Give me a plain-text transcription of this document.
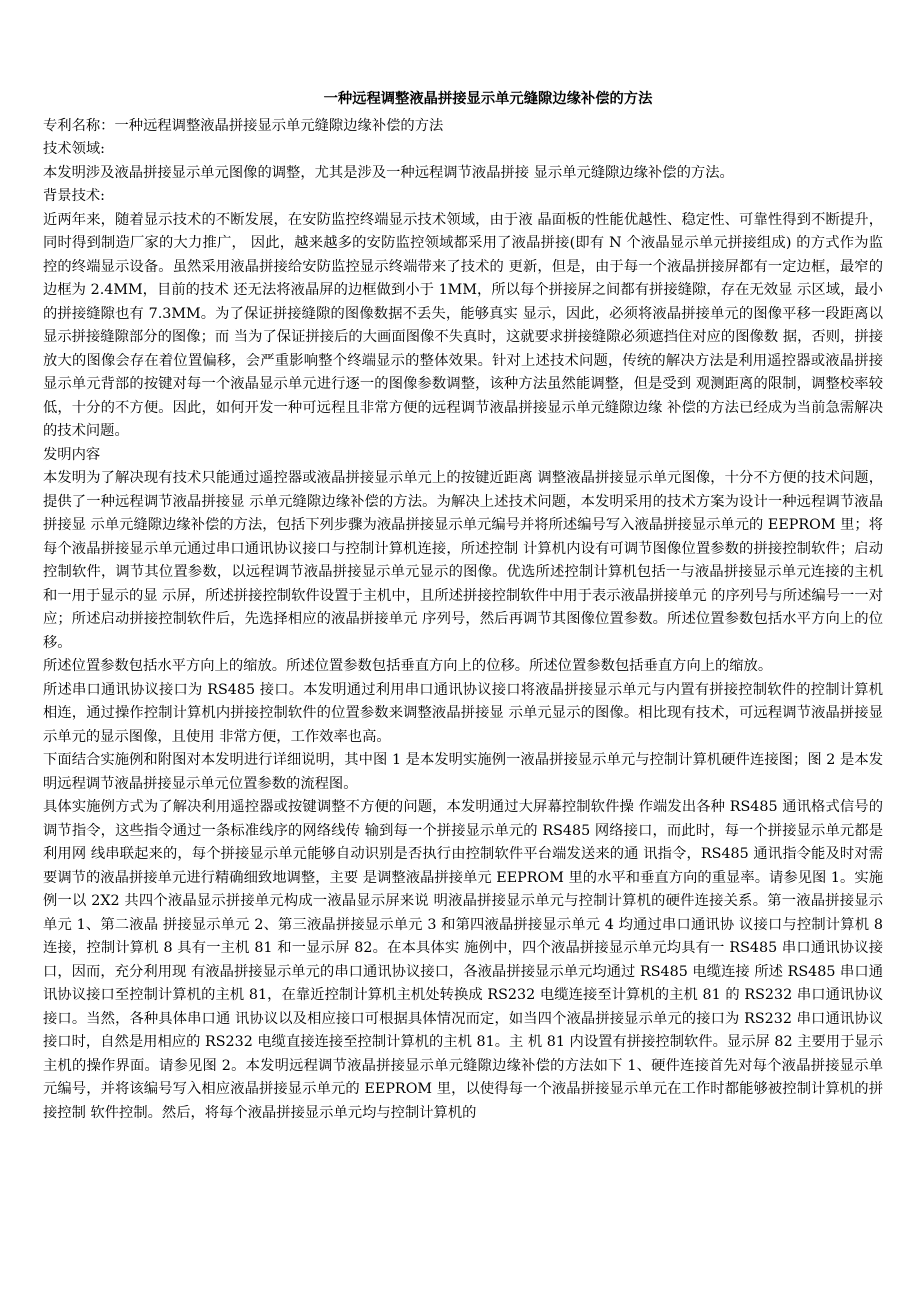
一种远程调整液晶拼接显示单元缝隙边缘补偿的方法

专利名称：一种远程调整液晶拼接显示单元缝隙边缘补偿的方法

技术领域:

本发明涉及液晶拼接显示单元图像的调整，尤其是涉及一种远程调节液晶拼接 显示单元缝隙边缘补偿的方法。

背景技术:

近两年来，随着显示技术的不断发展，在安防监控终端显示技术领域，由于液 晶面板的性能优越性、稳定性、可靠性得到不断提升，同时得到制造厂家的大力推广， 因此，越来越多的安防监控领域都采用了液晶拼接(即有 N 个液晶显示单元拼接组成) 的方式作为监控的终端显示设备。虽然采用液晶拼接给安防监控显示终端带来了技术的 更新，但是，由于每一个液晶拼接屏都有一定边框，最窄的边框为 2.4MM，目前的技术 还无法将液晶屏的边框做到小于 1MM，所以每个拼接屏之间都有拼接缝隙，存在无效显 示区域，最小的拼接缝隙也有 7.3MM。为了保证拼接缝隙的图像数据不丢失，能够真实 显示，因此，必须将液晶拼接单元的图像平移一段距离以显示拼接缝隙部分的图像；而 当为了保证拼接后的大画面图像不失真时，这就要求拼接缝隙必须遮挡住对应的图像数 据，否则，拼接放大的图像会存在着位置偏移，会严重影响整个终端显示的整体效果。针对上述技术问题，传统的解决方法是利用遥控器或液晶拼接显示单元背部的按键对每一个液晶显示单元进行逐一的图像参数调整，该种方法虽然能调整，但是受到 观测距离的限制，调整校率较低，十分的不方便。因此，如何开发一种可远程且非常方便的远程调节液晶拼接显示单元缝隙边缘 补偿的方法已经成为当前急需解决的技术问题。

发明内容

本发明为了解决现有技术只能通过遥控器或液晶拼接显示单元上的按键近距离 调整液晶拼接显示单元图像，十分不方便的技术问题，提供了一种远程调节液晶拼接显 示单元缝隙边缘补偿的方法。为解决上述技术问题，本发明采用的技术方案为设计一种远程调节液晶拼接显 示单元缝隙边缘补偿的方法，包括下列步骤为液晶拼接显示单元编号并将所述编号写入液晶拼接显示单元的 EEPROM 里；将每个液晶拼接显示单元通过串口通讯协议接口与控制计算机连接，所述控制 计算机内设有可调节图像位置参数的拼接控制软件；启动控制软件，调节其位置参数，以远程调节液晶拼接显示单元显示的图像。优选所述控制计算机包括一与液晶拼接显示单元连接的主机和一用于显示的显 示屏，所述拼接控制软件设置于主机中，且所述拼接控制软件中用于表示液晶拼接单元 的序列号与所述编号一一对应；所述启动拼接控制软件后，先选择相应的液晶拼接单元 序列号，然后再调节其图像位置参数。所述位置参数包括水平方向上的位移。

所述位置参数包括水平方向上的缩放。所述位置参数包括垂直方向上的位移。所述位置参数包括垂直方向上的缩放。

所述串口通讯协议接口为 RS485 接口。本发明通过利用串口通讯协议接口将液晶拼接显示单元与内置有拼接控制软件的控制计算机相连，通过操作控制计算机内拼接控制软件的位置参数来调整液晶拼接显 示单元显示的图像。相比现有技术，可远程调节液晶拼接显示单元的显示图像，且使用 非常方便，工作效率也高。

下面结合实施例和附图对本发明进行详细说明，其中图 1 是本发明实施例一液晶拼接显示单元与控制计算机硬件连接图；图 2 是本发明远程调节液晶拼接显示单元位置参数的流程图。

具体实施例方式为了解决利用遥控器或按键调整不方便的问题，本发明通过大屏幕控制软件操 作端发出各种 RS485 通讯格式信号的调节指令，这些指令通过一条标准线序的网络线传 输到每一个拼接显示单元的 RS485 网络接口，而此时，每一个拼接显示单元都是利用网 线串联起来的，每个拼接显示单元能够自动识别是否执行由控制软件平台端发送来的通 讯指令，RS485 通讯指令能及时对需要调节的液晶拼接单元进行精确细致地调整，主要 是调整液晶拼接单元 EEPROM 里的水平和垂直方向的重显率。请参见图 1。实施例一以 2X2 共四个液晶显示拼接单元构成一液晶显示屏来说 明液晶拼接显示单元与控制计算机的硬件连接关系。第一液晶拼接显示单元 1、第二液晶 拼接显示单元 2、第三液晶拼接显示单元 3 和第四液晶拼接显示单元 4 均通过串口通讯协 议接口与控制计算机 8 连接，控制计算机 8 具有一主机 81 和一显示屏 82。在本具体实 施例中，四个液晶拼接显示单元均具有一 RS485 串口通讯协议接口，因而，充分利用现 有液晶拼接显示单元的串口通讯协议接口，各液晶拼接显示单元均通过 RS485 电缆连接 所述 RS485 串口通讯协议接口至控制计算机的主机 81，在靠近控制计算机主机处转换成 RS232 电缆连接至计算机的主机 81 的 RS232 串口通讯协议接口。当然，各种具体串口通 讯协议以及相应接口可根据具体情况而定，如当四个液晶拼接显示单元的接口为 RS232 串口通讯协议接口时，自然是用相应的 RS232 电缆直接连接至控制计算机的主机 81。主 机 81 内设置有拼接控制软件。显示屏 82 主要用于显示主机的操作界面。请参见图 2。本发明远程调节液晶拼接显示单元缝隙边缘补偿的方法如下 1、硬件连接首先对每个液晶拼接显示单元编号，并将该编号写入相应液晶拼接显示单元的 EEPROM 里，以使得每一个液晶拼接显示单元在工作时都能够被控制计算机的拼接控制 软件控制。然后，将每个液晶拼接显示单元均与控制计算机的
